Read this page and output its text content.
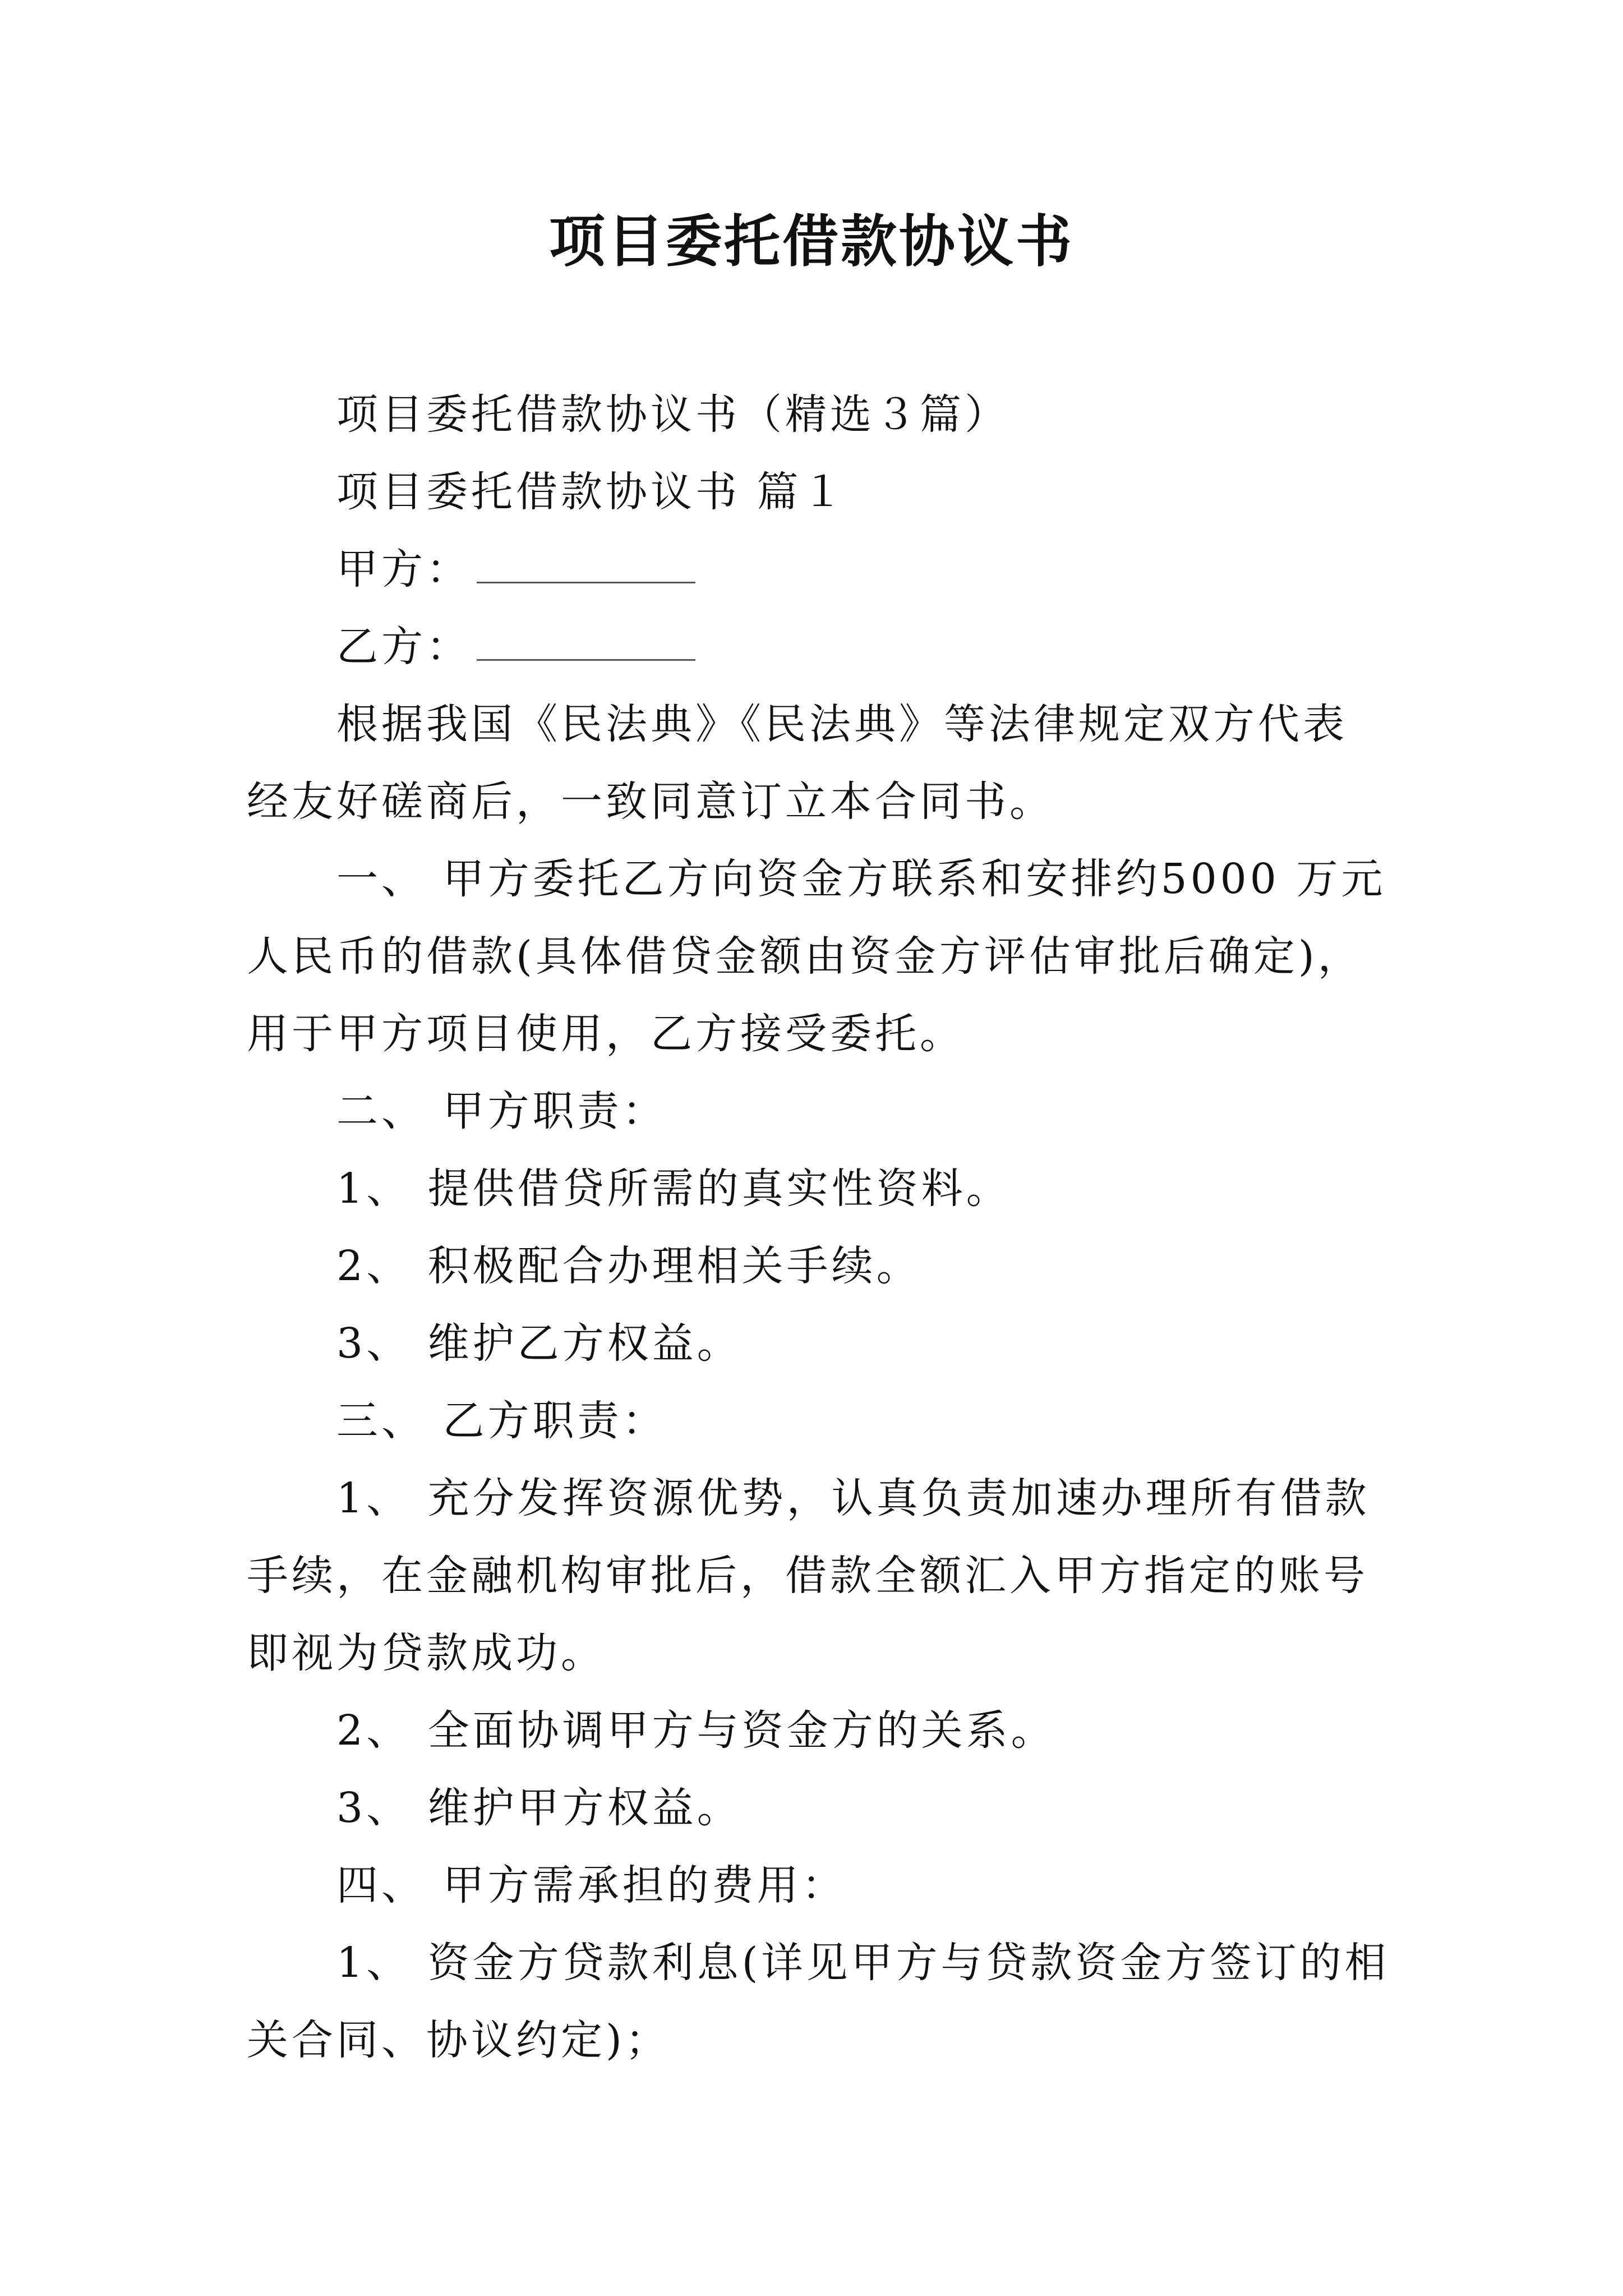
项目委托借款协议书

项目委托借款协议书（精选３篇）

项目委托借款协议书 篇１

甲方：

乙方：

根据我国《民法典》《民法典》等法律规定双方代表经友好磋商后，一致同意订立本合同书。

一、 甲方委托乙方向资金方联系和安排约5000 万元人民币的借款(具体借贷金额由资金方评估审批后确定)，用于甲方项目使用，乙方接受委托。

二、 甲方职责：

1、 提供借贷所需的真实性资料。

2、 积极配合办理相关手续。

3、 维护乙方权益。

三、 乙方职责：

1、 充分发挥资源优势，认真负责加速办理所有借款手续，在金融机构审批后，借款全额汇入甲方指定的账号即视为贷款成功。

2、 全面协调甲方与资金方的关系。

3、 维护甲方权益。

四、 甲方需承担的费用：

1、 资金方贷款利息(详见甲方与贷款资金方签订的相关合同、协议约定)；
